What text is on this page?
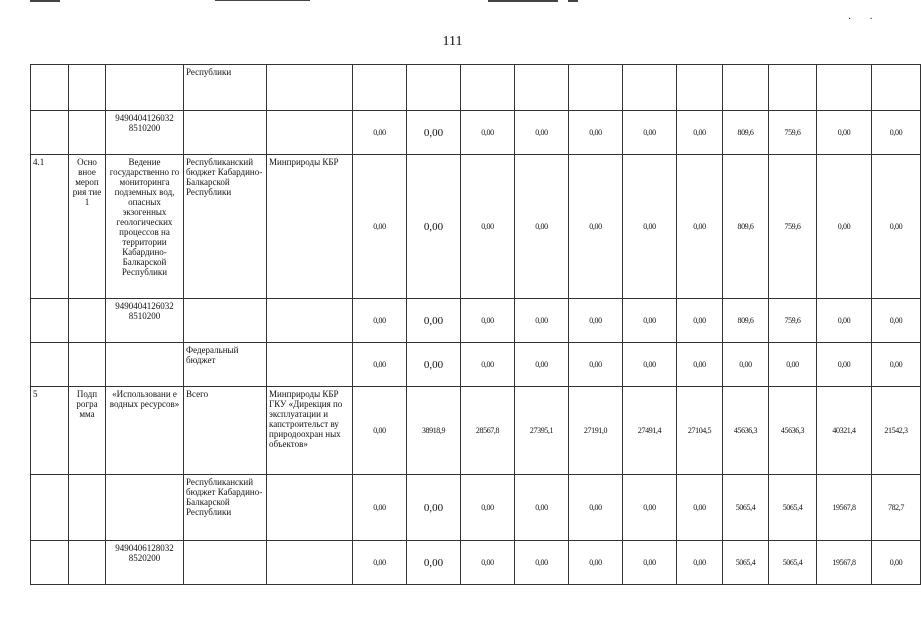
··
111
			Республики												
		9490404126032 8510200			0,00	0,00	0,00	0,00	0,00	0,00	0,00	809,6	759,6	0,00	0,00
4.1	Осно вное мероп рия тие 1	Ведение государственно го мониторинга подземных вод, опасных экзогенных геологических процессов на территории Кабардино-Балкарской Республики	Республиканский бюджет Кабардино-Балкарской Республики	Минприроды КБР	0,00	0,00	0,00	0,00	0,00	0,00	0,00	809,6	759,6	0,00	0,00
		9490404126032 8510200			0,00	0,00	0,00	0,00	0,00	0,00	0,00	809,6	759,6	0,00	0,00
			Федеральный бюджет		0,00	0,00	0,00	0,00	0,00	0,00	0,00	0,00	0,00	0,00	0,00
5	Подп рогра мма	«Использовани е водных ресурсов»	Всего	Минприроды КБР ГКУ «Дирекция по эксплуатации и капстроительст ву природоохран ных объектов»	0,00	38918,9	28567,8	27395,1	27191,0	27491,4	27104,5	45636,3	45636,3	40321,4	21542,3
			Республиканский бюджет Кабардино-Балкарской Республики		0,00	0,00	0,00	0,00	0,00	0,00	0,00	5065,4	5065,4	19567,8	782,7
		9490406128032 8520200			0,00	0,00	0,00	0,00	0,00	0,00	0,00	5065,4	5065,4	19567,8	0,00
